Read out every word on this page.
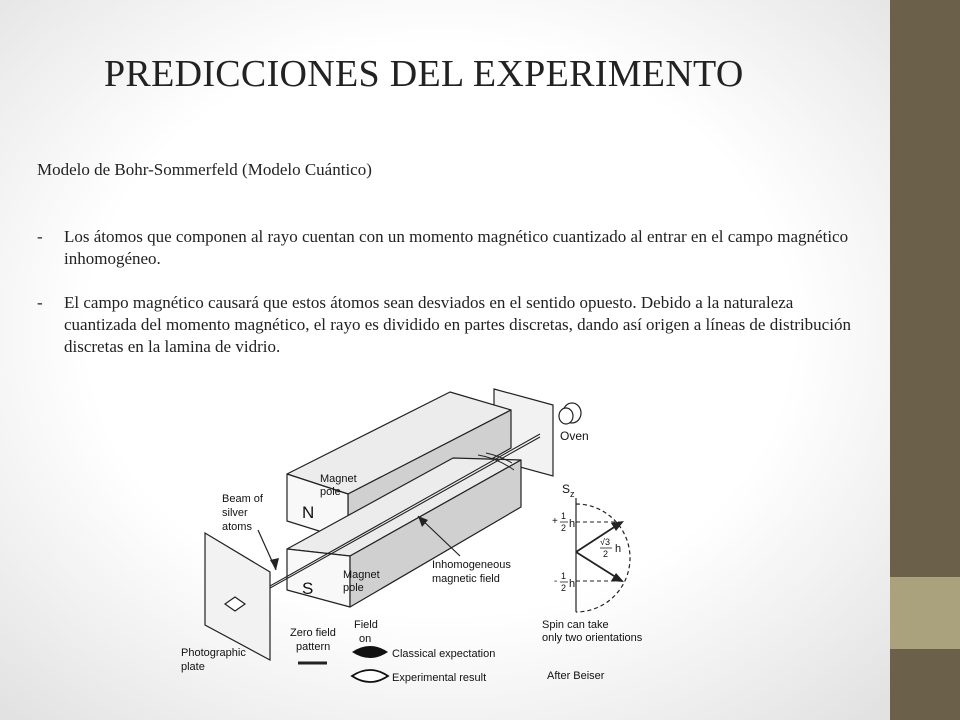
PREDICCIONES DEL EXPERIMENTO
Modelo de Bohr-Sommerfeld (Modelo Cuántico)
- Los átomos que componen al rayo cuentan con un momento magnético cuantizado al entrar en el campo magnético inhomogéneo.
- El campo magnético causará que estos átomos sean desviados en el sentido opuesto. Debido a la naturaleza cuantizada del momento magnético, el rayo es dividido en partes discretas, dando así origen a líneas de distribución discretas en la lamina de vidrio.
Oven
Magnet
pole
N
S
Magnet
pole
Beam of
silver
atoms
Inhomogeneous
magnetic field
Photographic
plate
Zero field
pattern
Field
on
Classical expectation
Experimental result	After Beiser
S z
+ 1
2 h
- 1
2 h
√3
2 h
Spin can take
only two orientations
